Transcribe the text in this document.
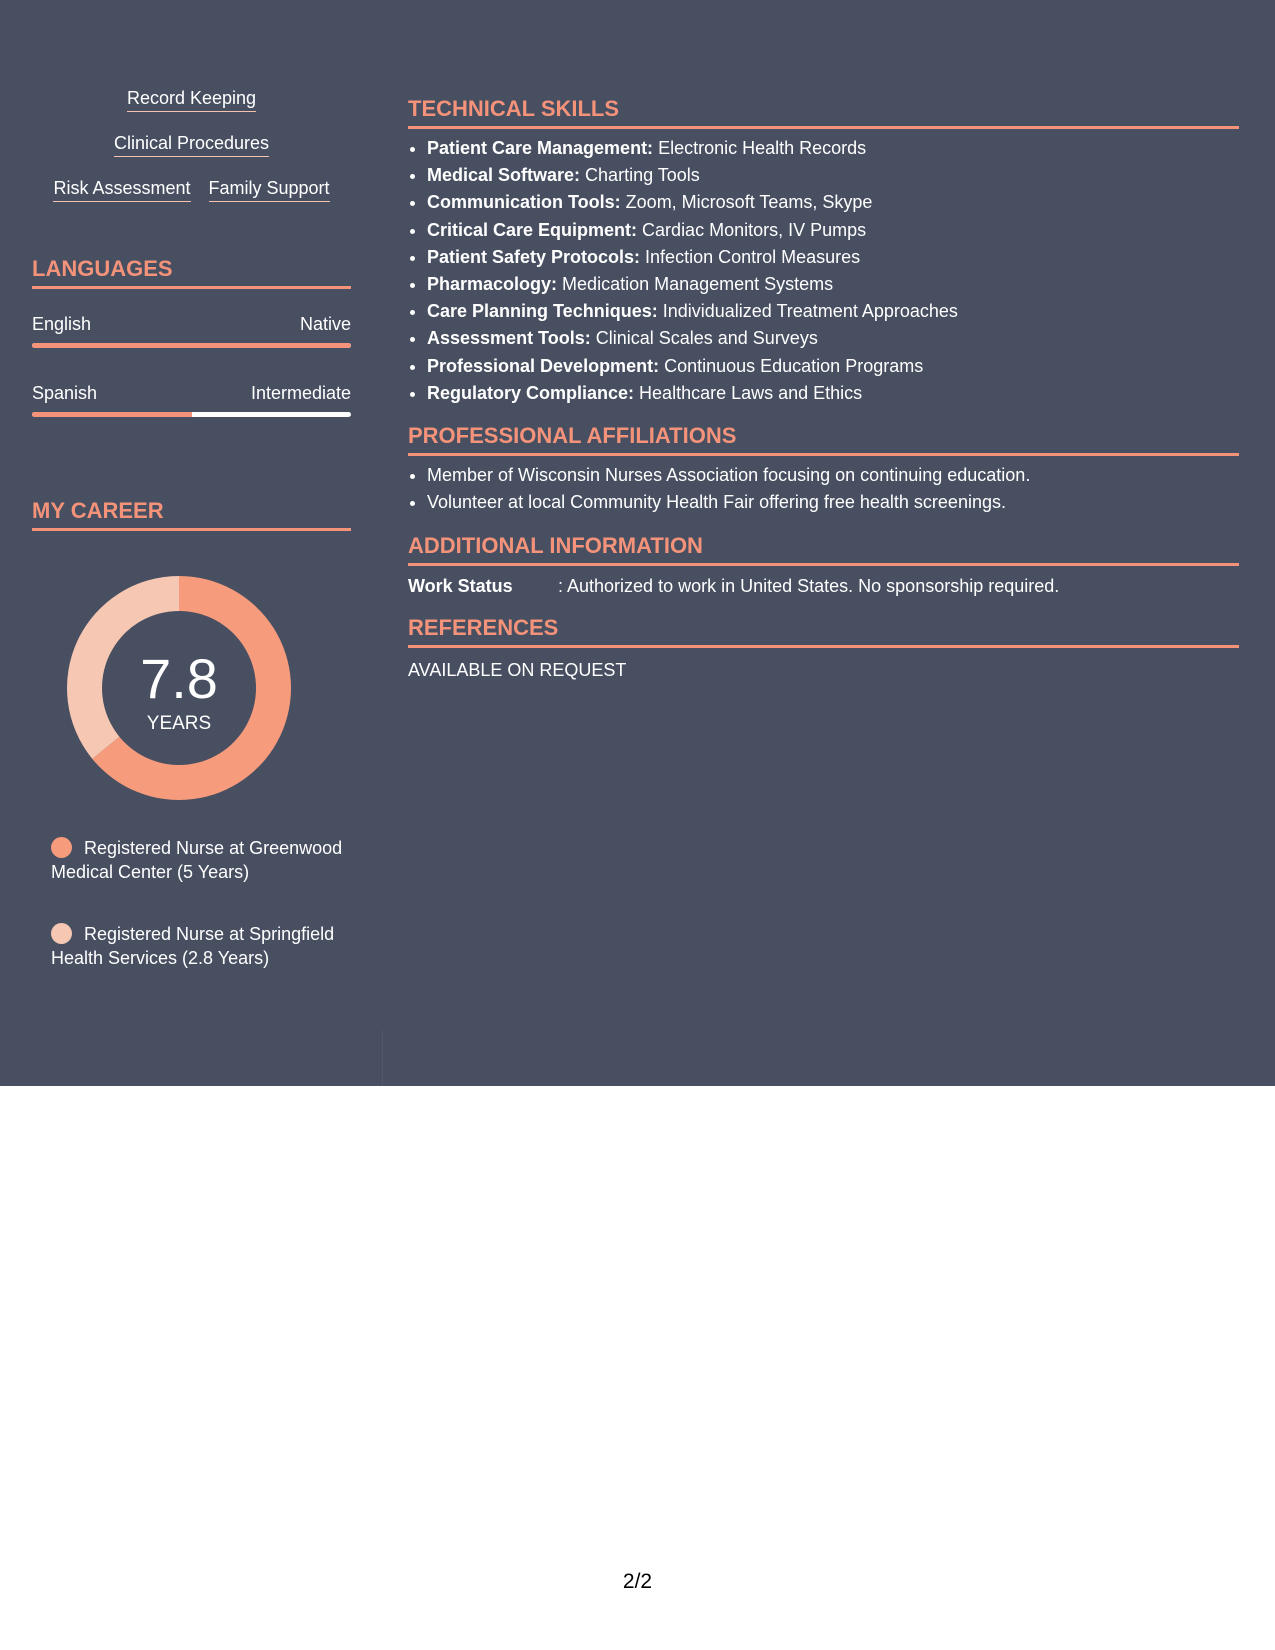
Record Keeping
Clinical Procedures
Risk Assessment Family Support
LANGUAGES
English	Native
Spanish	Intermediate
MY CAREER
7.8
YEARS
Registered Nurse at Greenwood Medical Center (5 Years)
Registered Nurse at Springfield Health Services (2.8 Years)
TECHNICAL SKILLS
• Patient Care Management: Electronic Health Records
• Medical Software: Charting Tools
• Communication Tools: Zoom, Microsoft Teams, Skype
• Critical Care Equipment: Cardiac Monitors, IV Pumps
• Patient Safety Protocols: Infection Control Measures
• Pharmacology: Medication Management Systems
• Care Planning Techniques: Individualized Treatment Approaches
• Assessment Tools: Clinical Scales and Surveys
• Professional Development: Continuous Education Programs
• Regulatory Compliance: Healthcare Laws and Ethics
PROFESSIONAL AFFILIATIONS
• Member of Wisconsin Nurses Association focusing on continuing education.
• Volunteer at local Community Health Fair offering free health screenings.
ADDITIONAL INFORMATION
Work Status	: Authorized to work in United States. No sponsorship required.
REFERENCES
AVAILABLE ON REQUEST
2/2
